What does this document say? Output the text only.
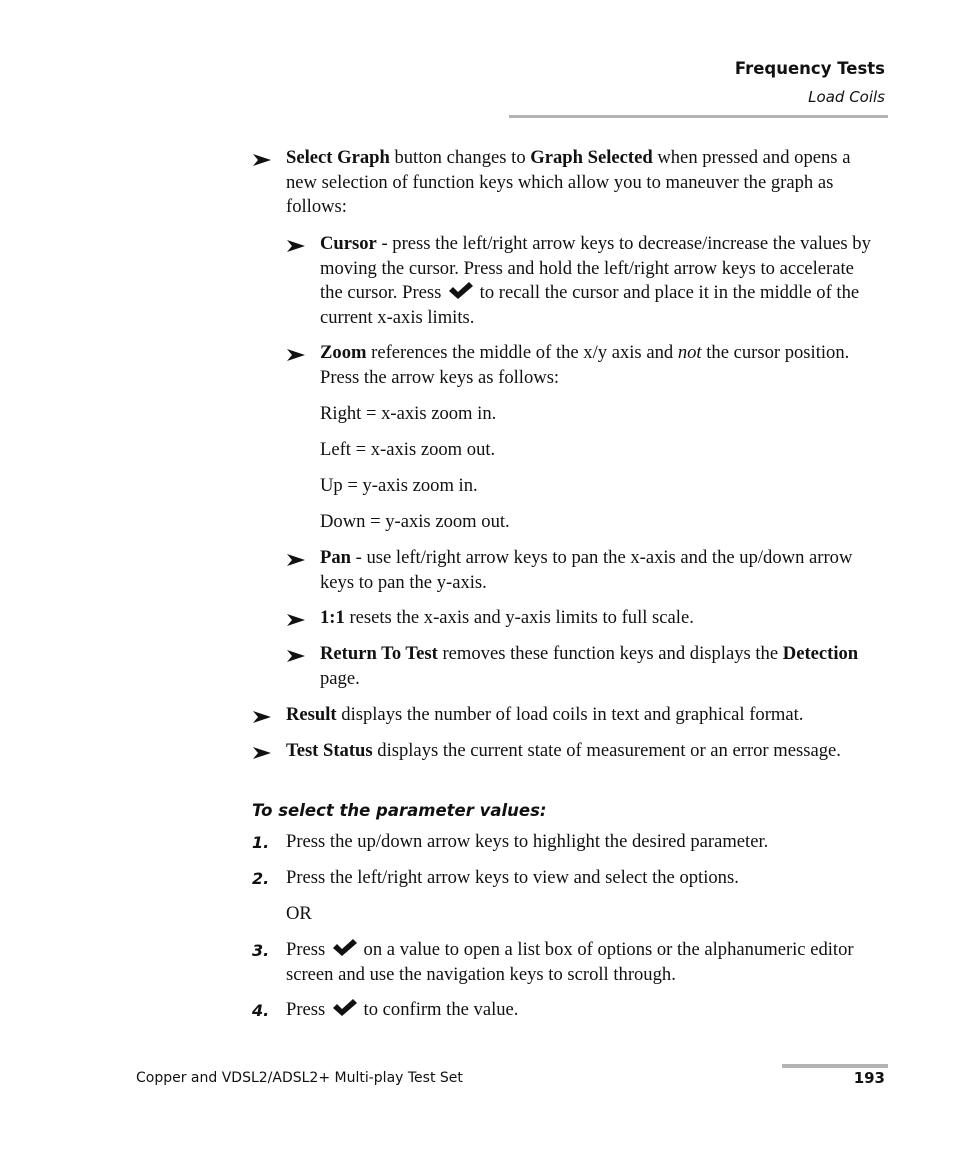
Frequency Tests
Load Coils
Select Graph button changes to Graph Selected when pressed and opens a new selection of function keys which allow you to maneuver the graph as follows:
Cursor - press the left/right arrow keys to decrease/increase the values by moving the cursor. Press and hold the left/right arrow keys to accelerate the cursor. Press
to recall the cursor and place it in the middle of the current x-axis limits.
Zoom references the middle of the x/y axis and not the cursor position. Press the arrow keys as follows:
Right = x-axis zoom in.
Left = x-axis zoom out.
Up = y-axis zoom in.
Down = y-axis zoom out.
Pan - use left/right arrow keys to pan the x-axis and the up/down arrow keys to pan the y-axis.
1:1 resets the x-axis and y-axis limits to full scale.
Return To Test removes these function keys and displays the Detection page.
Result displays the number of load coils in text and graphical format.
Test Status displays the current state of measurement or an error message.
To select the parameter values:
1. Press the up/down arrow keys to highlight the desired parameter.
2. Press the left/right arrow keys to view and select the options.
OR
3. Press
on a value to open a list box of options or the alphanumeric editor screen and use the navigation keys to scroll through.
4. Press
to confirm the value.
Copper and VDSL2/ADSL2+ Multi-play Test Set	193
